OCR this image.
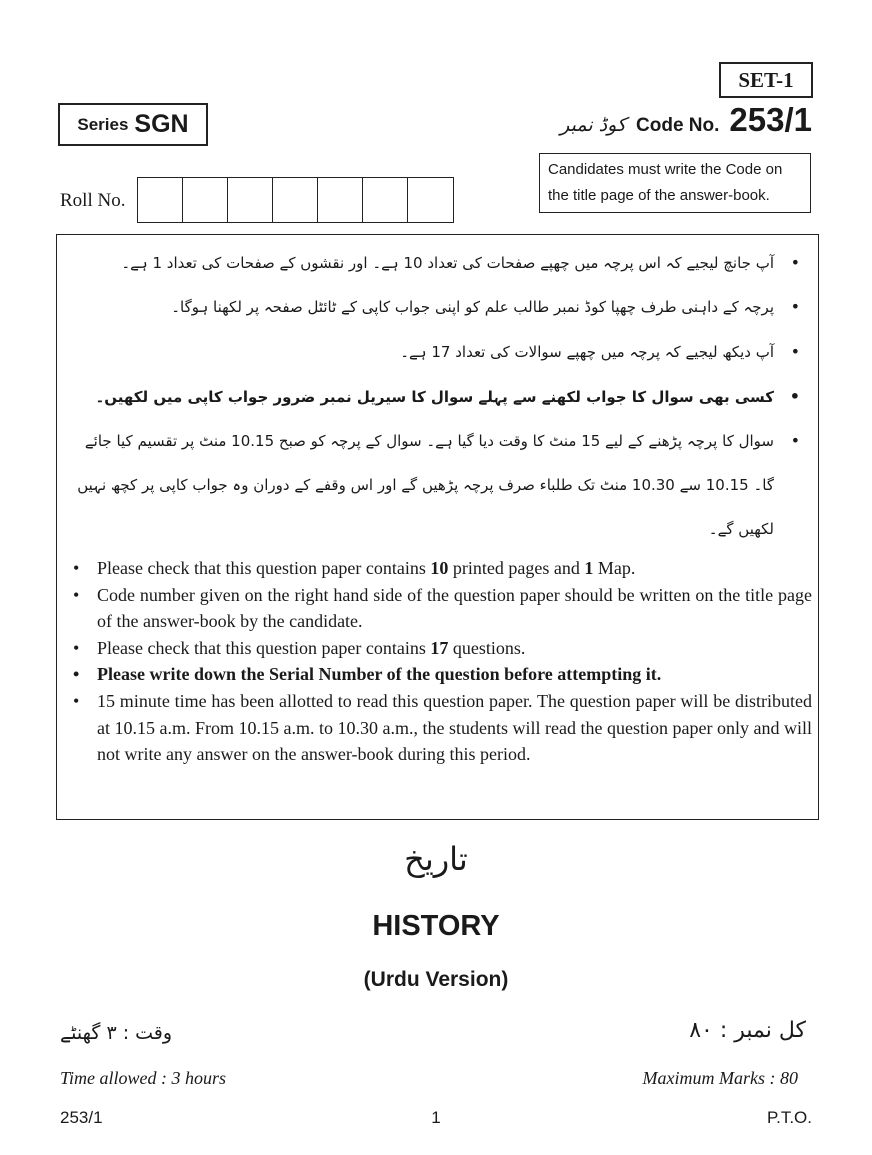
SET-1
Series SGN	کوڈ نمبر Code No. 253/1
Candidates must write the Code on the title page of the answer-book.
Roll No.
•
آپ جانچ لیجیے کہ اس پرچہ میں چھپے صفحات کی تعداد 10 ہے۔ اور نقشوں کے صفحات کی تعداد 1 ہے۔
•
پرچہ کے داہنی طرف چھپا کوڈ نمبر طالب علم کو اپنی جواب کاپی کے ٹائٹل صفحہ پر لکھنا ہوگا۔
•
آپ دیکھ لیجیے کہ پرچہ میں چھپے سوالات کی تعداد 17 ہے۔
•
کسی بھی سوال کا جواب لکھنے سے پہلے سوال کا سیریل نمبر ضرور جواب کاپی میں لکھیں۔
•
سوال کا پرچہ پڑھنے کے لیے 15 منٹ کا وقت دیا گیا ہے۔ سوال کے پرچہ کو صبح 10.15 منٹ پر تقسیم کیا جائے گا۔ 10.15 سے 10.30 منٹ تک طلباء صرف پرچہ پڑھیں گے اور اس وقفے کے دوران وہ جواب کاپی پر کچھ نہیں لکھیں گے۔
• Please check that this question paper contains 10 printed pages and 1 Map.
• Code number given on the right hand side of the question paper should be written on the title page of the answer-book by the candidate.
• Please check that this question paper contains 17 questions.
• Please write down the Serial Number of the question before attempting it.
• 15 minute time has been allotted to read this question paper. The question paper will be distributed at 10.15 a.m. From 10.15 a.m. to 10.30 a.m., the students will read the question paper only and will not write any answer on the answer-book during this period.
تاریخ
HISTORY
(Urdu Version)
وقت : ۳ گھنٹے	کل نمبر : ۸۰
Time allowed : 3 hours	Maximum Marks : 80
253/1	1	P.T.O.
